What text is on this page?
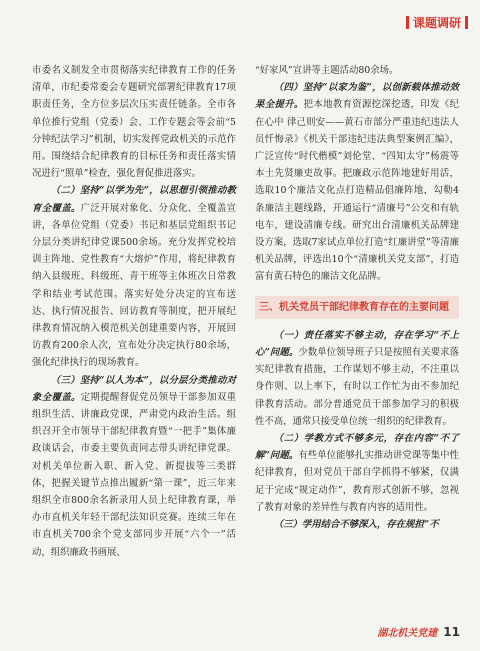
课题调研

市委名义制发全市贯彻落实纪律教育工作的任务清单，市纪委常委会专题研究部署纪律教育17项职责任务，全方位多层次压实责任链条。全市各单位推行党组（党委）会、工作专题会等会前“5分钟纪法学习”机制，切实发挥党政机关的示范作用。围绕结合纪律教育的目标任务和责任落实情况进行“照单”检查，强化督促推进落实。

（二）坚持“以学为先”，以思想引领推动教育全覆盖。广泛开展对象化、分众化、全覆盖宣讲，各单位党组（党委）书记和基层党组织书记分层分类讲纪律党课500余场。充分发挥党校培训主阵地、党性教育“大熔炉”作用，将纪律教育纳入县级班、科级班、青干班等主体班次日常教学和结业考试范围。落实好处分决定的宣布送达、执行情况报告、回访教育等制度，把开展纪律教育情况纳入模范机关创建重要内容，开展回访教育200余人次，宣布处分决定执行80余场，强化纪律执行的现场教育。

（三）坚持“以人为本”，以分层分类推动对象全覆盖。定期提醒督促党员领导干部参加双重组织生活、讲廉政党课，严肃党内政治生活。组织召开全市领导干部纪律教育暨“一把手”集体廉政谈话会，市委主要负责同志带头讲纪律党课。对机关单位新入职、新入党、新提拔等三类群体，把握关键节点推出履新“第一课”，近三年来组织全市800余名新录用人员上纪律教育课，举办市直机关年轻干部纪法知识竞赛。连续三年在市直机关700余个党支部同步开展“六个一”活动，组织廉政书画展、

“好家风”宣讲等主题活动80余场。

（四）坚持“以家为鉴”，以创新载体推动效果全提升。把本地教育资源挖深挖透，印发《纪在心中 律己则安——黄石市部分严重违纪违法人员忏悔录》《机关干部违纪违法典型案例汇编》，广泛宣传“时代楷模”刘伦堂、“四知太守”杨震等本土先贤廉吏故事。把廉政示范阵地建好用活，选取10个廉洁文化点打造精品倡廉阵地，勾勒4条廉洁主题线路，开通运行“清廉号”公交和有轨电车，建设清廉专线。研究出台清廉机关品牌建设方案，选取7家试点单位打造“红廉讲堂”等清廉机关品牌，评选出10个“清廉机关党支部”，打造富有黄石特色的廉洁文化品牌。

三、机关党员干部纪律教育存在的主要问题

（一）责任落实不够主动，存在学习“不上心”问题。少数单位领导班子只是按照有关要求落实纪律教育措施，工作谋划不够主动，不注重以身作则、以上率下，有时以工作忙为由不参加纪律教育活动。部分普通党员干部参加学习的积极性不高，通常只接受单位统一组织的纪律教育。

（二）学教方式不够多元，存在内容“不了解”问题。有些单位能够扎实推动讲党课等集中性纪律教育，但对党员干部自学抓得不够紧，仅满足于完成“规定动作”，教育形式创新不够，忽视了教育对象的差异性与教育内容的适用性。

（三）学用结合不够深入，存在规担“不

湖北机关党建 11
